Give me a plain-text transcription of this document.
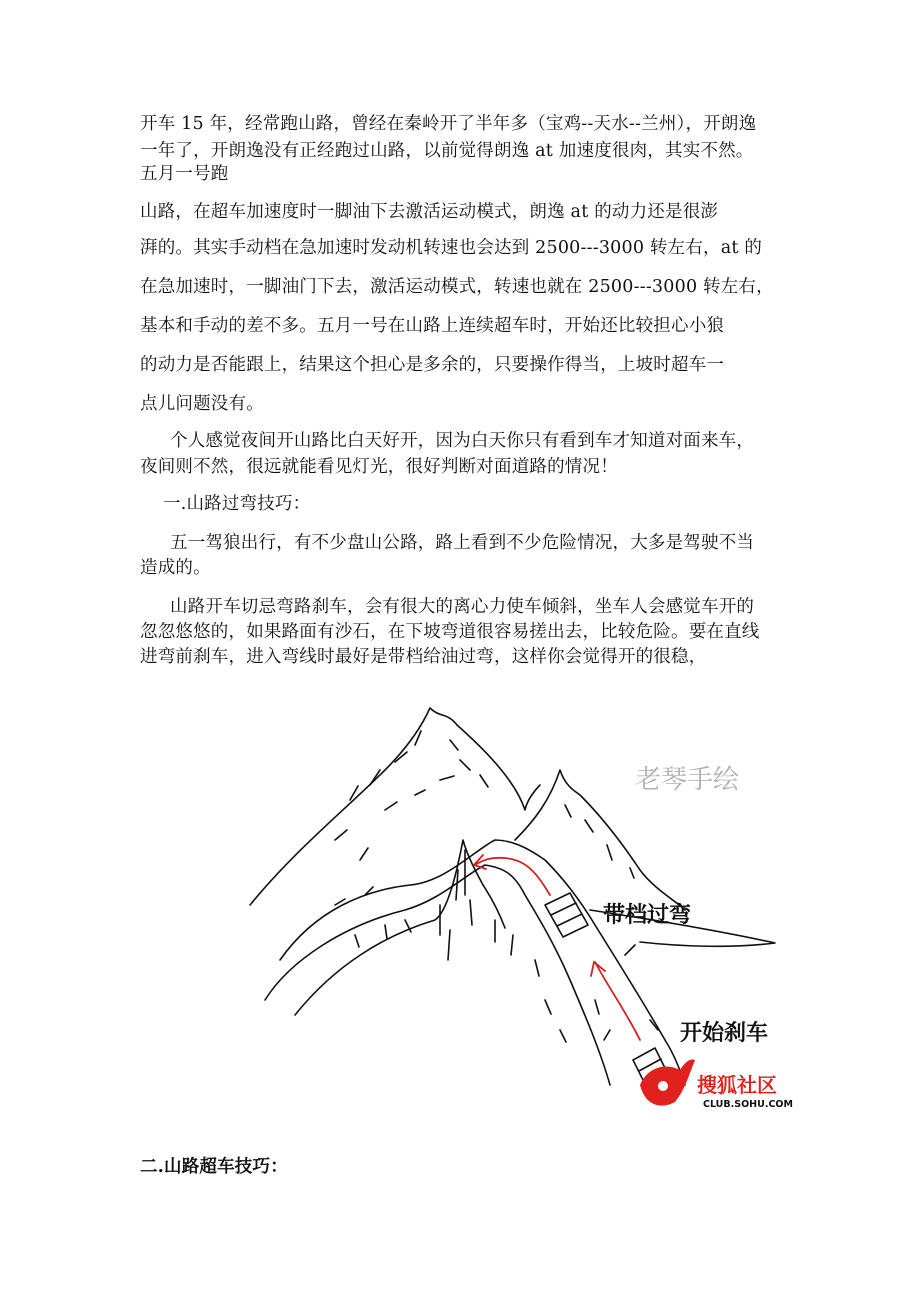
开车 15 年，经常跑山路，曾经在秦岭开了半年多（宝鸡--天水--兰州），开朗逸
一年了，开朗逸没有正经跑过山路，以前觉得朗逸 at 加速度很肉，其实不然。
五月一号跑
山路，在超车加速度时一脚油下去激活运动模式，朗逸 at 的动力还是很澎
湃的。其实手动档在急加速时发动机转速也会达到 2500---3000 转左右，at 的
在急加速时，一脚油门下去，激活运动模式，转速也就在 2500---3000 转左右，
基本和手动的差不多。五月一号在山路上连续超车时，开始还比较担心小狼
的动力是否能跟上，结果这个担心是多余的，只要操作得当，上坡时超车一
点儿问题没有。
个人感觉夜间开山路比白天好开，因为白天你只有看到车才知道对面来车，
夜间则不然，很远就能看见灯光，很好判断对面道路的情况！
一.山路过弯技巧：
五一驾狼出行，有不少盘山公路，路上看到不少危险情况，大多是驾驶不当
造成的。
山路开车切忌弯路刹车，会有很大的离心力使车倾斜，坐车人会感觉车开的
忽忽悠悠的，如果路面有沙石，在下坡弯道很容易搓出去，比较危险。要在直线
进弯前刹车，进入弯线时最好是带档给油过弯，这样你会觉得开的很稳，
老琴手绘
带档过弯
开始刹车
搜狐社区
CLUB.SOHU.COM
二.山路超车技巧：
